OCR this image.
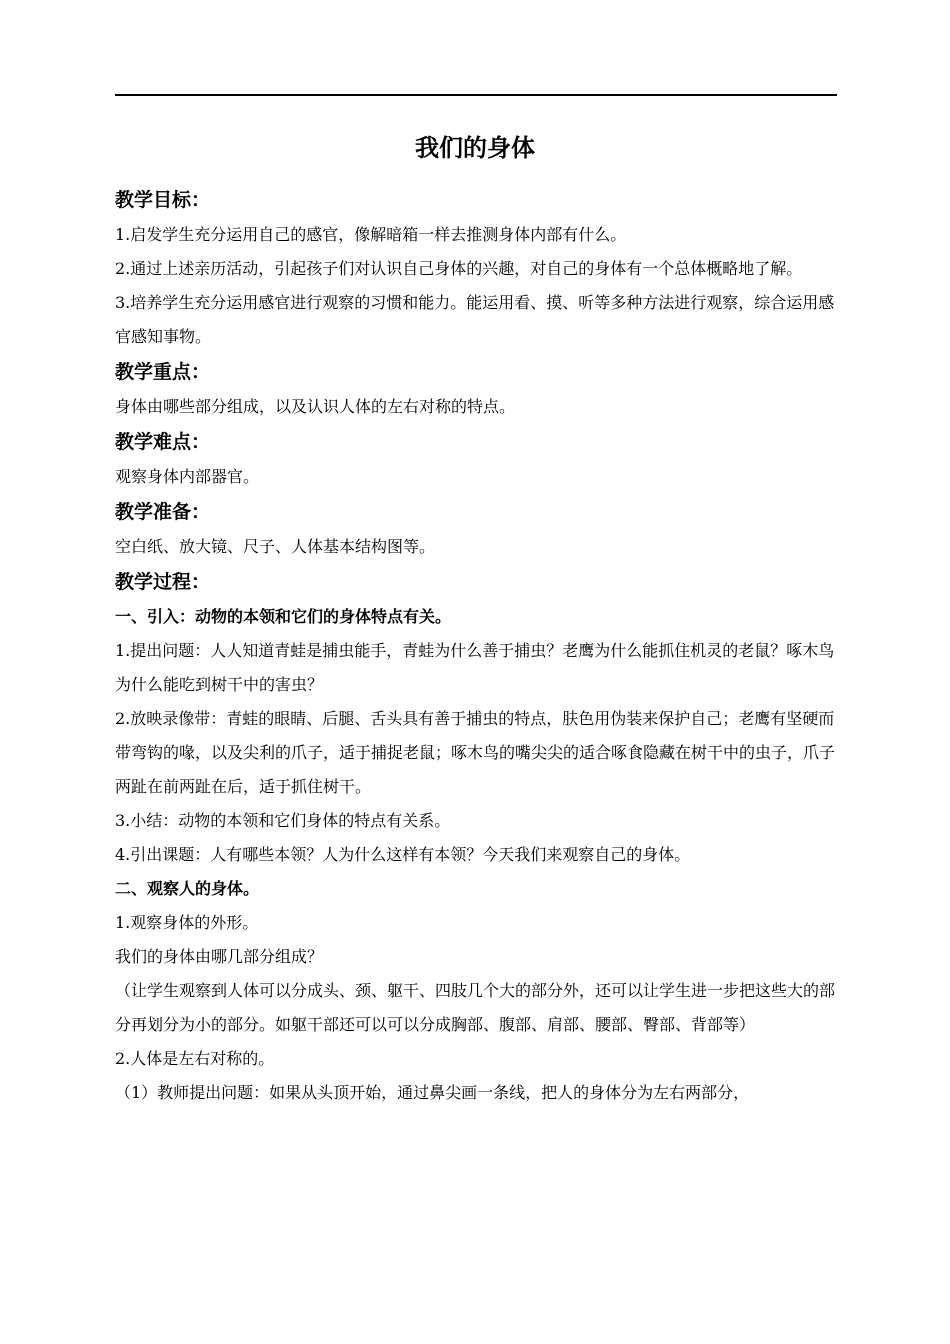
我们的身体
教学目标：
1.启发学生充分运用自己的感官，像解暗箱一样去推测身体内部有什么。
2.通过上述亲历活动，引起孩子们对认识自己身体的兴趣，对自己的身体有一个总体概略地了解。
3.培养学生充分运用感官进行观察的习惯和能力。能运用看、摸、听等多种方法进行观察，综合运用感官感知事物。
教学重点：
身体由哪些部分组成，以及认识人体的左右对称的特点。
教学难点：
观察身体内部器官。
教学准备：
空白纸、放大镜、尺子、人体基本结构图等。
教学过程：
一、引入：动物的本领和它们的身体特点有关。
1.提出问题：人人知道青蛙是捕虫能手，青蛙为什么善于捕虫？老鹰为什么能抓住机灵的老鼠？啄木鸟为什么能吃到树干中的害虫？
2.放映录像带：青蛙的眼睛、后腿、舌头具有善于捕虫的特点，肤色用伪装来保护自己；老鹰有坚硬而带弯钩的喙，以及尖利的爪子，适于捕捉老鼠；啄木鸟的嘴尖尖的适合啄食隐藏在树干中的虫子，爪子两趾在前两趾在后，适于抓住树干。
3.小结：动物的本领和它们身体的特点有关系。
4.引出课题：人有哪些本领？人为什么这样有本领？今天我们来观察自己的身体。
二、观察人的身体。
1.观察身体的外形。
我们的身体由哪几部分组成？
（让学生观察到人体可以分成头、颈、躯干、四肢几个大的部分外，还可以让学生进一步把这些大的部分再划分为小的部分。如躯干部还可以可以分成胸部、腹部、肩部、腰部、臀部、背部等）
2.人体是左右对称的。
（1）教师提出问题：如果从头顶开始，通过鼻尖画一条线，把人的身体分为左右两部分，
